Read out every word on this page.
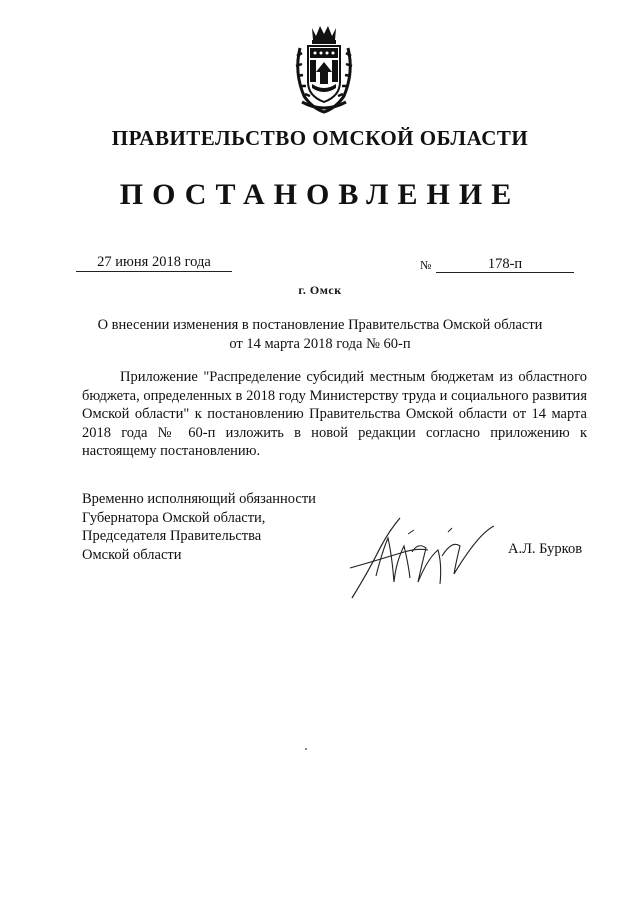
ПРАВИТЕЛЬСТВО ОМСКОЙ ОБЛАСТИ
ПОСТАНОВЛЕНИЕ
27 июня 2018 года	№	178-п
г. Омск
О внесении изменения в постановление Правительства Омской области
от 14 марта 2018 года № 60-п
Приложение "Распределение субсидий местным бюджетам из областного бюджета, определенных в 2018 году Министерству труда и социального развития Омской области" к постановлению Правительства Омской области от 14 марта 2018 года № 60-п изложить в новой редакции согласно приложению к настоящему постановлению.
Временно исполняющий обязанности
Губернатора Омской области,
Председателя Правительства
Омской области	А.Л. Бурков
